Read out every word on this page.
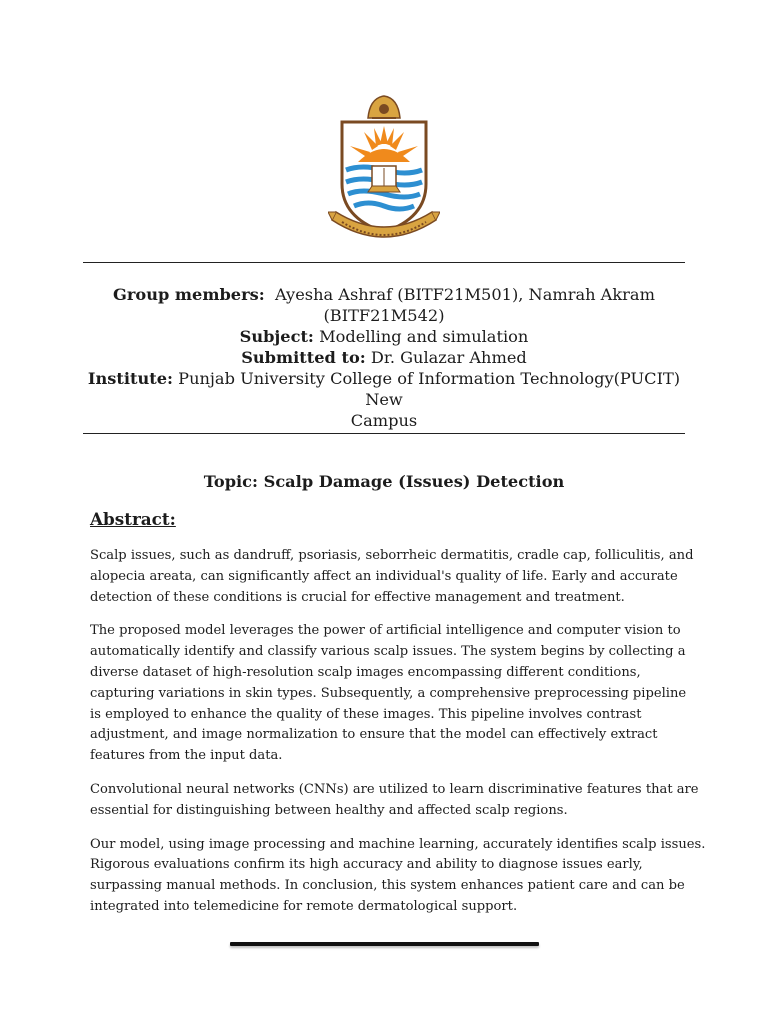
Group members: Ayesha Ashraf (BITF21M501), Namrah Akram
(BITF21M542)
Subject: Modelling and simulation
Submitted to: Dr. Gulazar Ahmed
Institute: Punjab University College of Information Technology(PUCIT) New
Campus
Topic: Scalp Damage (Issues) Detection
Abstract:

Scalp issues, such as dandruff, psoriasis, seborrheic dermatitis, cradle cap, folliculitis, and
alopecia areata, can significantly affect an individual's quality of life. Early and accurate
detection of these conditions is crucial for effective management and treatment.

The proposed model leverages the power of artificial intelligence and computer vision to
automatically identify and classify various scalp issues. The system begins by collecting a
diverse dataset of high-resolution scalp images encompassing different conditions,
capturing variations in skin types. Subsequently, a comprehensive preprocessing pipeline
is employed to enhance the quality of these images. This pipeline involves contrast
adjustment, and image normalization to ensure that the model can effectively extract
features from the input data.

Convolutional neural networks (CNNs) are utilized to learn discriminative features that are
essential for distinguishing between healthy and affected scalp regions.

Our model, using image processing and machine learning, accurately identifies scalp issues.
Rigorous evaluations confirm its high accuracy and ability to diagnose issues early,
surpassing manual methods. In conclusion, this system enhances patient care and can be
integrated into telemedicine for remote dermatological support.
